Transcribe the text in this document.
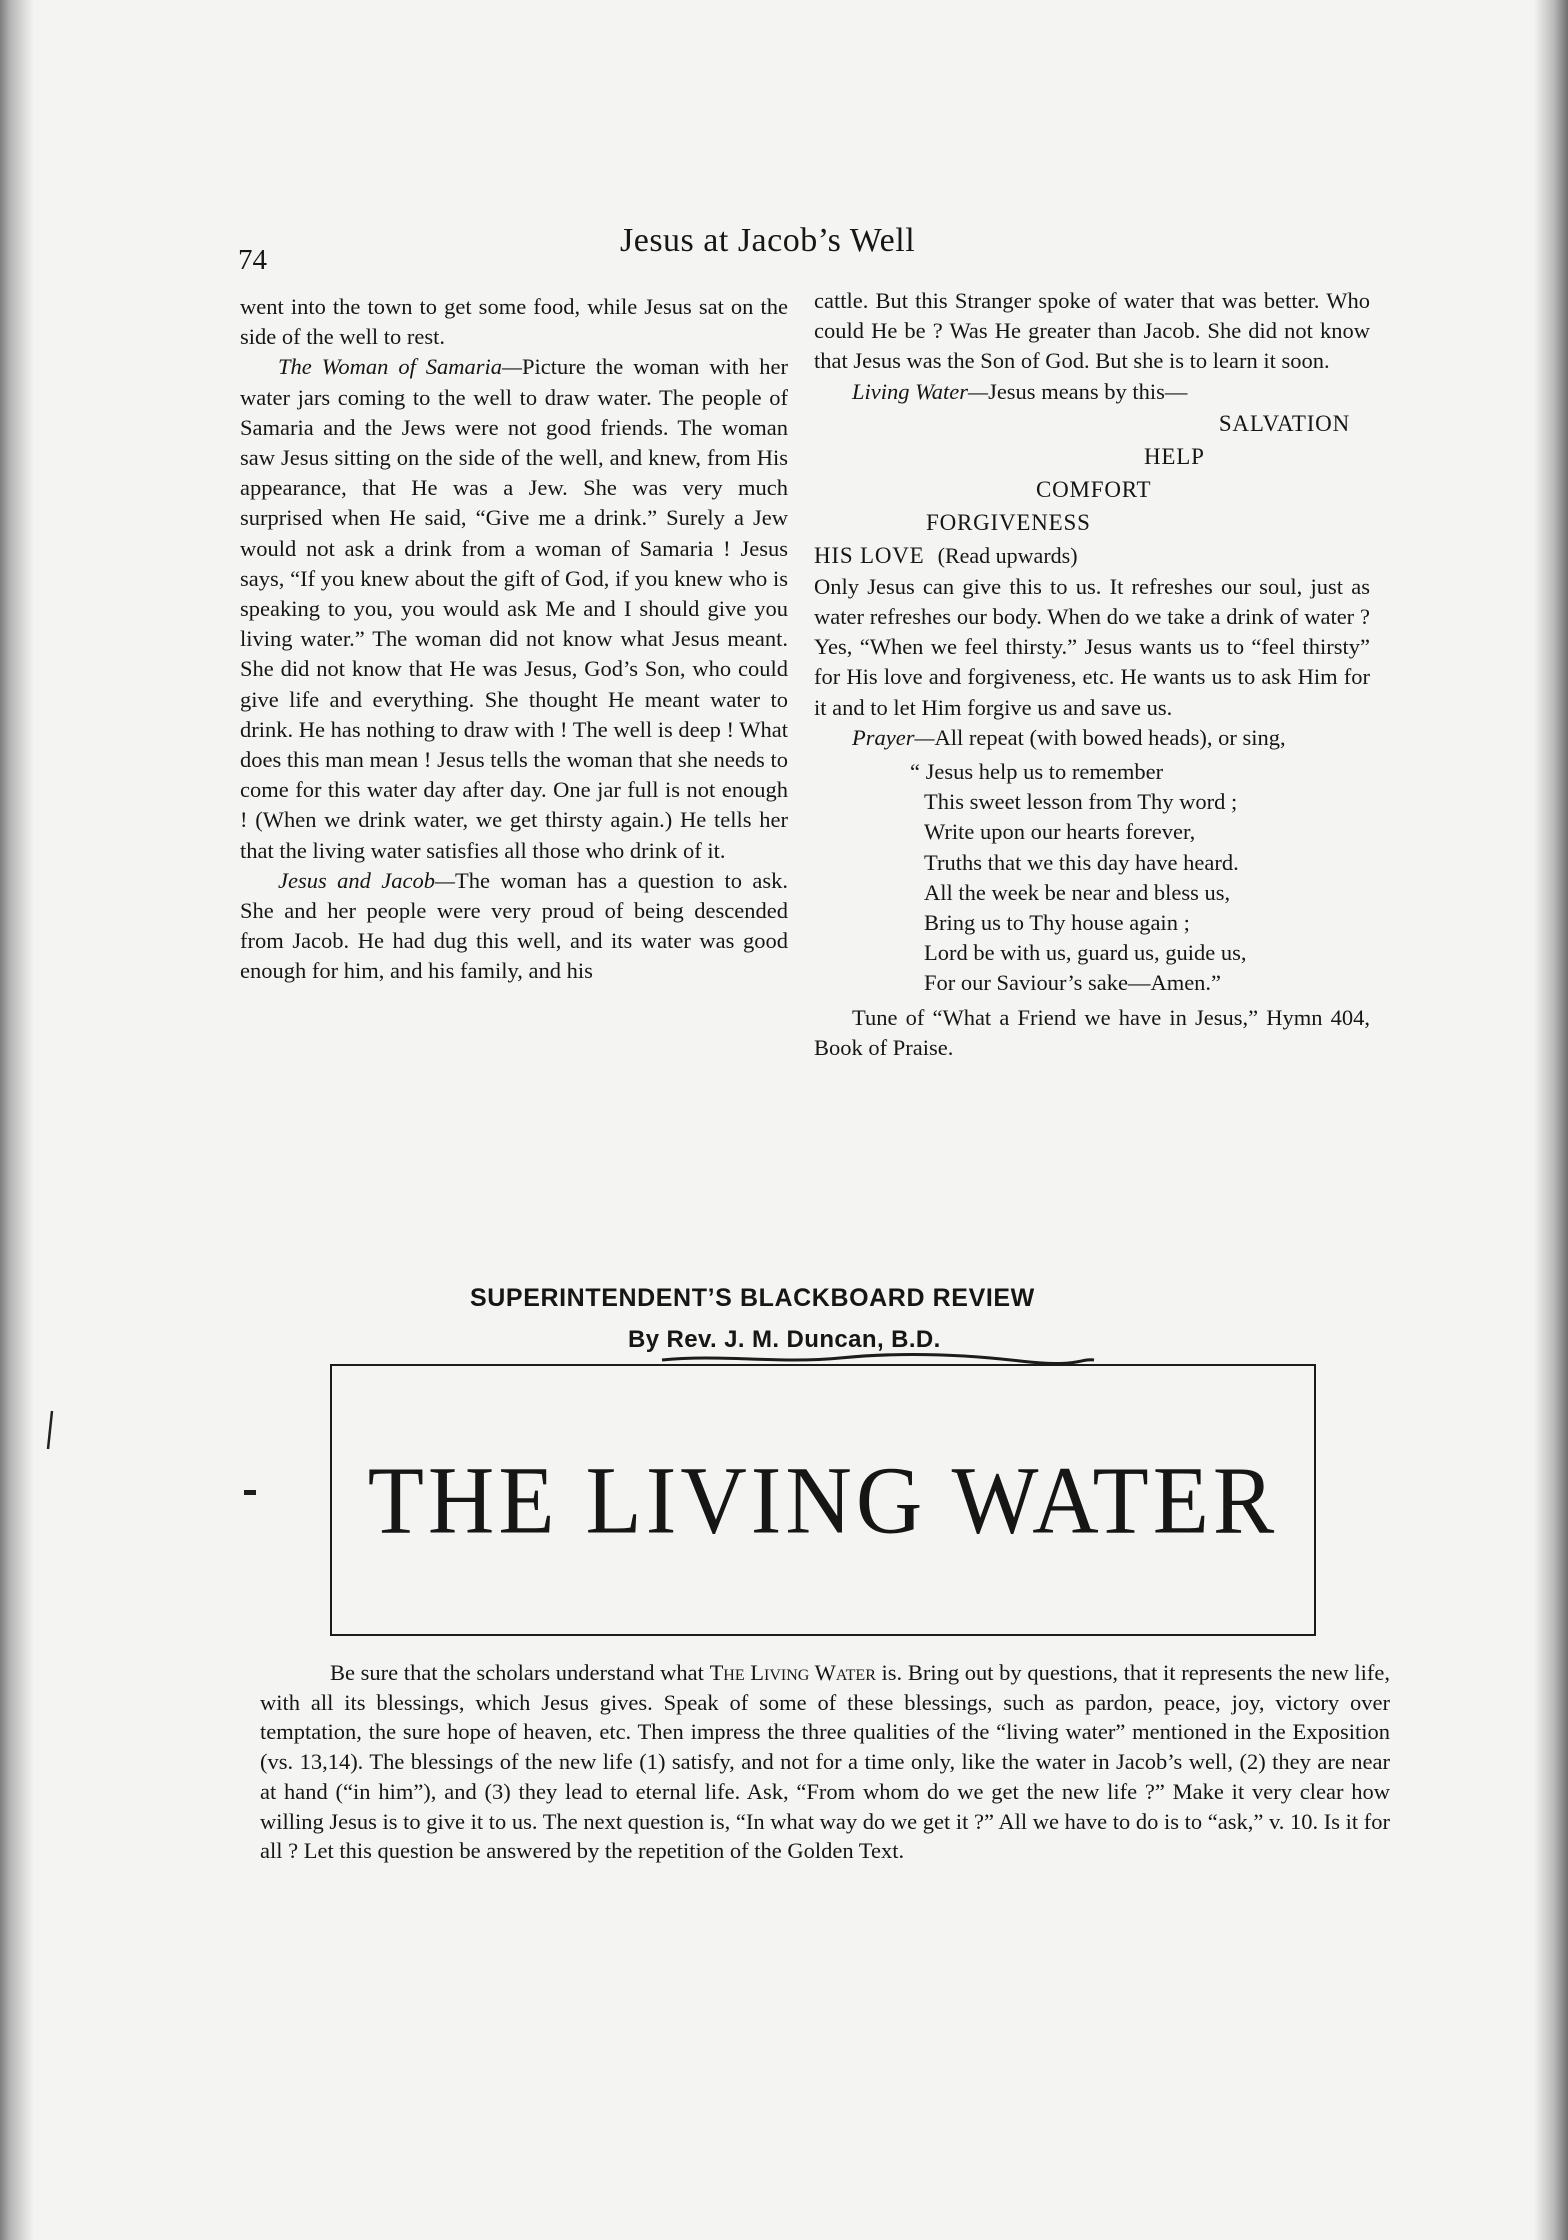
74
Jesus at Jacob’s Well

went into the town to get some food, while Jesus sat on the side of the well to rest.

The Woman of Samaria—Picture the woman with her water jars coming to the well to draw water. The people of Samaria and the Jews were not good friends. The woman saw Jesus sitting on the side of the well, and knew, from His appearance, that He was a Jew. She was very much surprised when He said, “Give me a drink.” Surely a Jew would not ask a drink from a woman of Samaria ! Jesus says, “If you knew about the gift of God, if you knew who is speaking to you, you would ask Me and I should give you living water.” The woman did not know what Jesus meant. She did not know that He was Jesus, God’s Son, who could give life and everything. She thought He meant water to drink. He has nothing to draw with ! The well is deep ! What does this man mean ! Jesus tells the woman that she needs to come for this water day after day. One jar full is not enough ! (When we drink water, we get thirsty again.) He tells her that the living water satisfies all those who drink of it.

Jesus and Jacob—The woman has a question to ask. She and her people were very proud of being descended from Jacob. He had dug this well, and its water was good enough for him, and his family, and his

cattle. But this Stranger spoke of water that was better. Who could He be ? Was He greater than Jacob. She did not know that Jesus was the Son of God. But she is to learn it soon.

Living Water—Jesus means by this—

SALVATION
HELP
COMFORT
FORGIVENESS
HIS LOVE (Read upwards)

Only Jesus can give this to us. It refreshes our soul, just as water refreshes our body. When do we take a drink of water ? Yes, “When we feel thirsty.” Jesus wants us to “feel thirsty” for His love and forgiveness, etc. He wants us to ask Him for it and to let Him forgive us and save us.

Prayer—All repeat (with bowed heads), or sing,

“ Jesus help us to remember
This sweet lesson from Thy word ;
Write upon our hearts forever,
Truths that we this day have heard.
All the week be near and bless us,
Bring us to Thy house again ;
Lord be with us, guard us, guide us,
For our Saviour’s sake—Amen.”

Tune of “What a Friend we have in Jesus,” Hymn 404, Book of Praise.

SUPERINTENDENT’S BLACKBOARD REVIEW
By Rev. J. M. Duncan, B.D.
THE LIVING WATER

Be sure that the scholars understand what The Living Water is. Bring out by questions, that it represents the new life, with all its blessings, which Jesus gives. Speak of some of these blessings, such as pardon, peace, joy, victory over temptation, the sure hope of heaven, etc. Then impress the three qualities of the “living water” mentioned in the Exposition (vs. 13,14). The blessings of the new life (1) satisfy, and not for a time only, like the water in Jacob’s well, (2) they are near at hand (“in him”), and (3) they lead to eternal life. Ask, “From whom do we get the new life ?” Make it very clear how willing Jesus is to give it to us. The next question is, “In what way do we get it ?” All we have to do is to “ask,” v. 10. Is it for all ? Let this question be answered by the repetition of the Golden Text.
